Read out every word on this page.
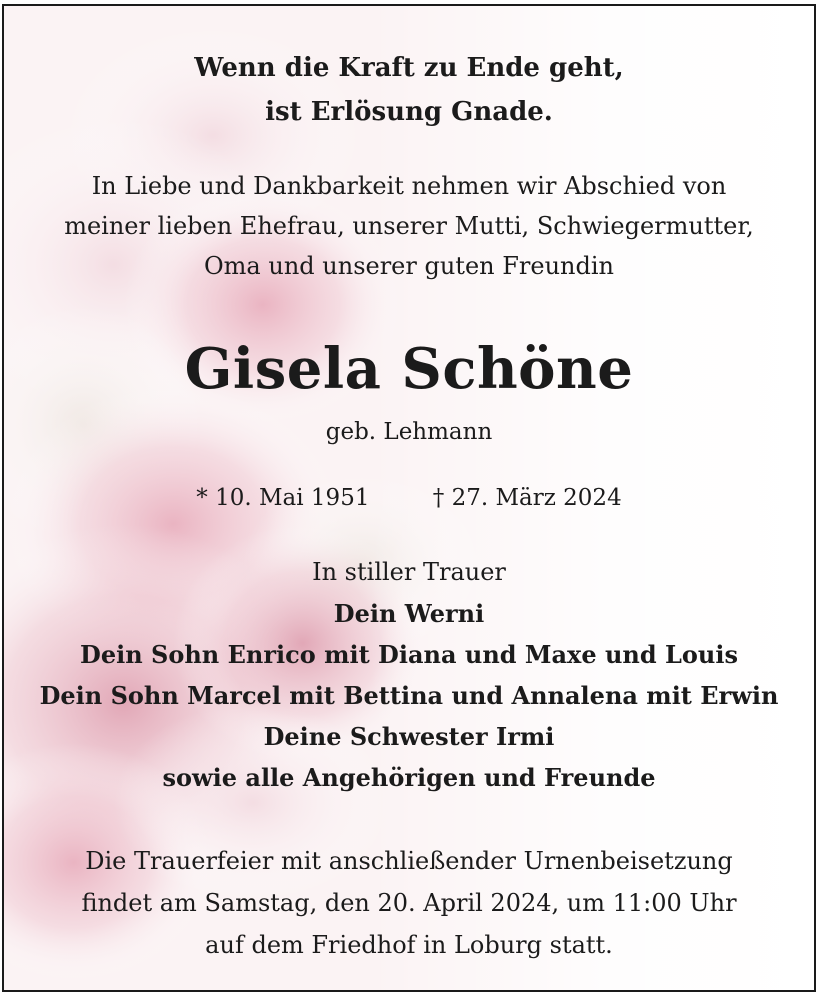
Wenn die Kraft zu Ende geht,
ist Erlösung Gnade.
In Liebe und Dankbarkeit nehmen wir Abschied von
meiner lieben Ehefrau, unserer Mutti, Schwiegermutter,
Oma und unserer guten Freundin
Gisela Schöne
geb. Lehmann
* 10. Mai 1951	† 27. März 2024
In stiller Trauer
Dein Werni
Dein Sohn Enrico mit Diana und Maxe und Louis
Dein Sohn Marcel mit Bettina und Annalena mit Erwin
Deine Schwester Irmi
sowie alle Angehörigen und Freunde
Die Trauerfeier mit anschließender Urnenbeisetzung
findet am Samstag, den 20. April 2024, um 11:00 Uhr
auf dem Friedhof in Loburg statt.
